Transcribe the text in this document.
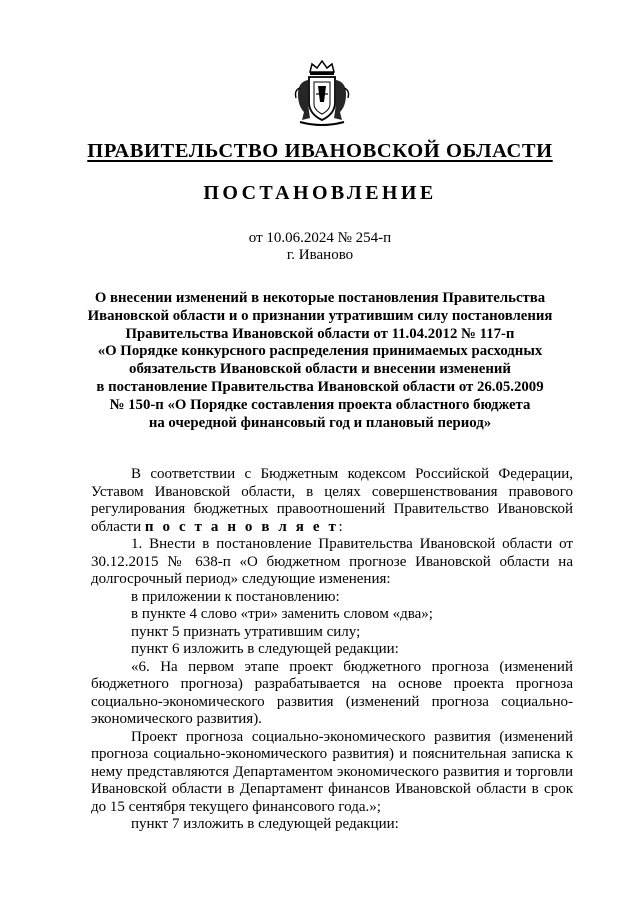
ПРАВИТЕЛЬСТВО ИВАНОВСКОЙ ОБЛАСТИ
ПОСТАНОВЛЕНИЕ
от 10.06.2024 № 254-п
г. Иваново
О внесении изменений в некоторые постановления Правительства
Ивановской области и о признании утратившим силу постановления
Правительства Ивановской области от 11.04.2012 № 117-п
«О Порядке конкурсного распределения принимаемых расходных
обязательств Ивановской области и внесении изменений
в постановление Правительства Ивановской области от 26.05.2009
№ 150-п «О Порядке составления проекта областного бюджета
на очередной финансовый год и плановый период»

В соответствии с Бюджетным кодексом Российской Федерации, Уставом Ивановской области, в целях совершенствования правового регулирования бюджетных правоотношений Правительство Ивановской области п о с т а н о в л я е т:

1. Внести в постановление Правительства Ивановской области от 30.12.2015 № 638-п «О бюджетном прогнозе Ивановской области на долгосрочный период» следующие изменения:

в приложении к постановлению:

в пункте 4 слово «три» заменить словом «два»;

пункт 5 признать утратившим силу;

пункт 6 изложить в следующей редакции:

«6. На первом этапе проект бюджетного прогноза (изменений бюджетного прогноза) разрабатывается на основе проекта прогноза социально-экономического развития (изменений прогноза социально-экономического развития).

Проект прогноза социально-экономического развития (изменений прогноза социально-экономического развития) и пояснительная записка к нему представляются Департаментом экономического развития и торговли Ивановской области в Департамент финансов Ивановской области в срок до 15 сентября текущего финансового года.»;

пункт 7 изложить в следующей редакции:
